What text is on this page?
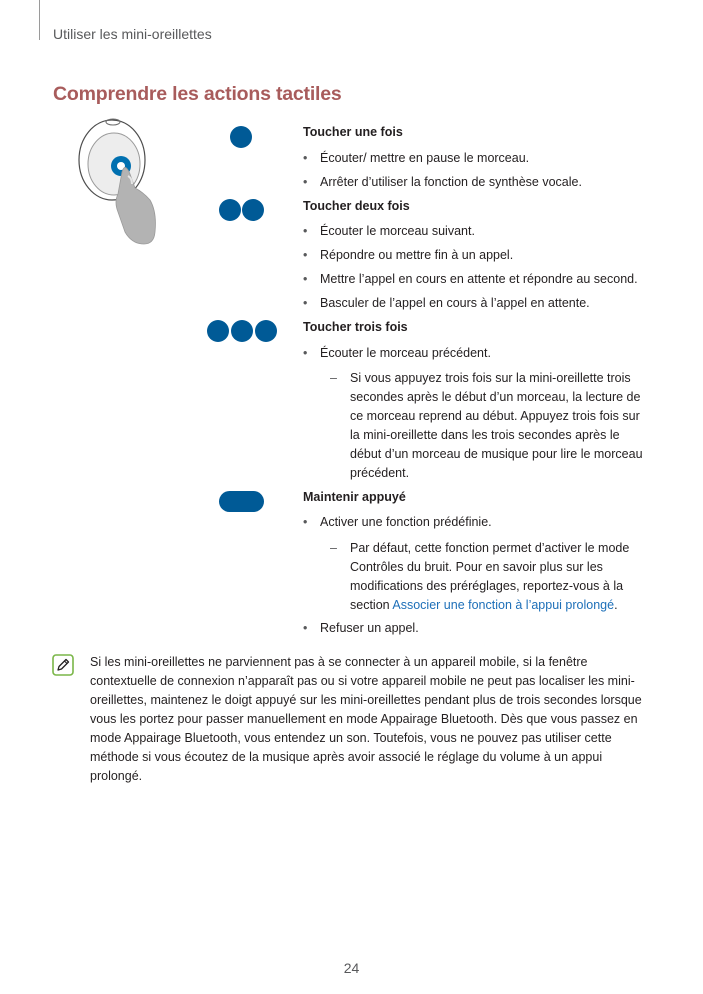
Utiliser les mini-oreillettes
Comprendre les actions tactiles
Toucher une fois
• Écouter/ mettre en pause le morceau.
• Arrêter d’utiliser la fonction de synthèse vocale.
Toucher deux fois
• Écouter le morceau suivant.
• Répondre ou mettre fin à un appel.
• Mettre l’appel en cours en attente et répondre au second.
• Basculer de l’appel en cours à l’appel en attente.
Toucher trois fois
• Écouter le morceau précédent.
– Si vous appuyez trois fois sur la mini-oreillette trois secondes après le début d’un morceau, la lecture de ce morceau reprend au début. Appuyez trois fois sur la mini-oreillette dans les trois secondes après le début d’un morceau de musique pour lire le morceau précédent.
Maintenir appuyé
• Activer une fonction prédéfinie.
– Par défaut, cette fonction permet d’activer le mode Contrôles du bruit. Pour en savoir plus sur les modifications des préréglages, reportez-vous à la section Associer une fonction à l’appui prolongé.
• Refuser un appel.
Si les mini-oreillettes ne parviennent pas à se connecter à un appareil mobile, si la fenêtre contextuelle de connexion n’apparaît pas ou si votre appareil mobile ne peut pas localiser les mini-oreillettes, maintenez le doigt appuyé sur les mini-oreillettes pendant plus de trois secondes lorsque vous les portez pour passer manuellement en mode Appairage Bluetooth. Dès que vous passez en mode Appairage Bluetooth, vous entendez un son. Toutefois, vous ne pouvez pas utiliser cette méthode si vous écoutez de la musique après avoir associé le réglage du volume à un appui prolongé.
24
